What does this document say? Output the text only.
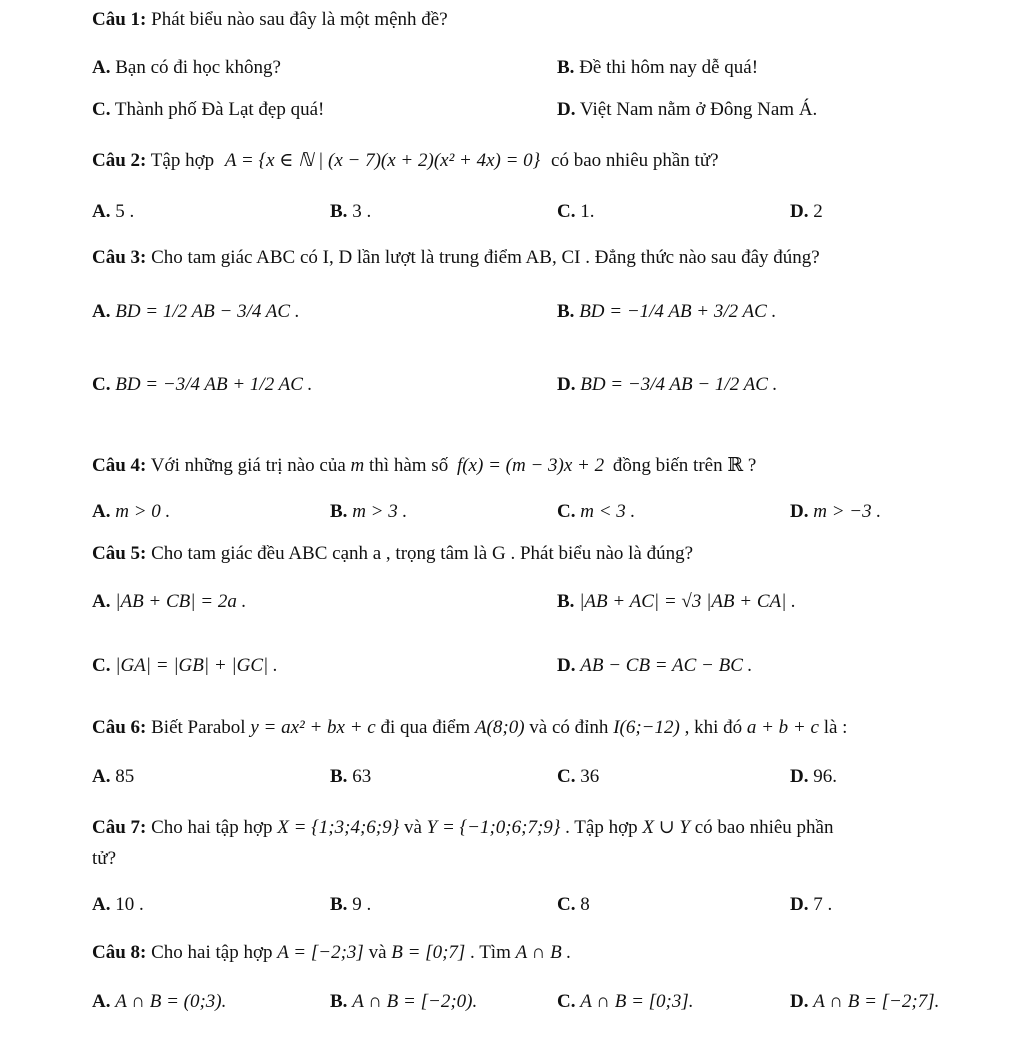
Câu 1: Phát biểu nào sau đây là một mệnh đề?
A. Bạn có đi học không?	B. Đề thi hôm nay dễ quá!
C. Thành phố Đà Lạt đẹp quá!	D. Việt Nam nằm ở Đông Nam Á.
Câu 2: Tập hợp A = {x ∈ ℕ | (x − 7)(x + 2)(x² + 4x) = 0} có bao nhiêu phần tử?
A. 5 .	B. 3 .	C. 1.	D. 2
Câu 3: Cho tam giác ABC có I, D lần lượt là trung điểm AB, CI . Đẳng thức nào sau đây đúng?
A. BD = 1/2 AB − 3/4 AC .	B. BD = −1/4 AB + 3/2 AC .
C. BD = −3/4 AB + 1/2 AC .	D. BD = −3/4 AB − 1/2 AC .
Câu 4: Với những giá trị nào của m thì hàm số f(x) = (m − 3)x + 2 đồng biến trên ℝ ?
A. m > 0 .	B. m > 3 .	C. m < 3 .	D. m > −3 .
Câu 5: Cho tam giác đều ABC cạnh a , trọng tâm là G . Phát biểu nào là đúng?
A. |AB + CB| = 2a .	B. |AB + AC| = √3 |AB + CA| .
C. |GA| = |GB| + |GC| .	D. AB − CB = AC − BC .
Câu 6: Biết Parabol y = ax² + bx + c đi qua điểm A(8;0) và có đỉnh I(6;−12) , khi đó a + b + c là :
A. 85	B. 63	C. 36	D. 96.
Câu 7: Cho hai tập hợp X = {1;3;4;6;9} và Y = {−1;0;6;7;9} . Tập hợp X ∪ Y có bao nhiêu phần
tử?
A. 10 .	B. 9 .	C. 8	D. 7 .
Câu 8: Cho hai tập hợp A = [−2;3] và B = [0;7] . Tìm A ∩ B .
A. A ∩ B = (0;3).	B. A ∩ B = [−2;0).	C. A ∩ B = [0;3].	D. A ∩ B = [−2;7].
